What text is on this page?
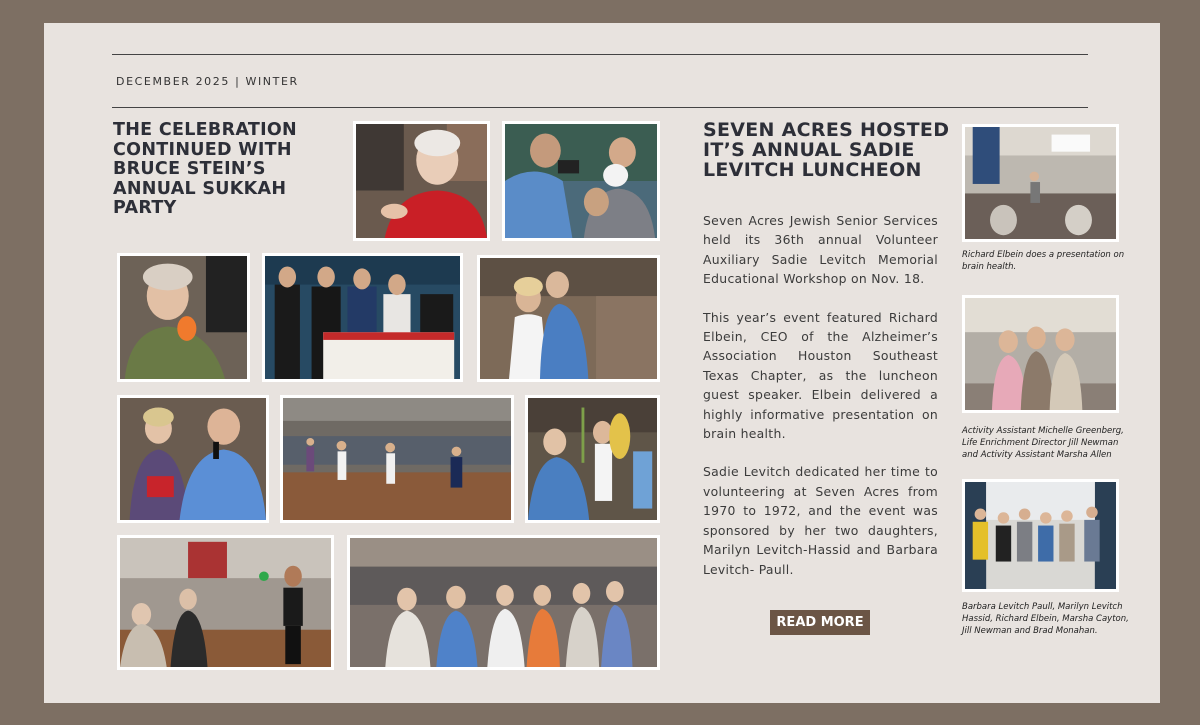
DECEMBER 2025 | WINTER
THE CELEBRATION CONTINUED WITH BRUCE STEIN’S ANNUAL SUKKAH PARTY
SEVEN ACRES HOSTED IT’S ANNUAL SADIE LEVITCH LUNCHEON

Seven Acres Jewish Senior Services held its 36th annual Volunteer Auxiliary Sadie Levitch Memorial Educational Workshop on Nov. 18.

This year’s event featured Richard Elbein, CEO of the Alzheimer’s Association Houston Southeast Texas Chapter, as the luncheon guest speaker. Elbein delivered a highly informative presentation on brain health.

Sadie Levitch dedicated her time to volunteering at Seven Acres from 1970 to 1972, and the event was sponsored by her two daughters, Marilyn Levitch-Hassid and Barbara Levitch- Paull.

READ MORE
Richard Elbein does a presentation on brain health.
Activity Assistant Michelle Greenberg, Life Enrichment Director Jill Newman and Activity Assistant Marsha Allen
Barbara Levitch Paull, Marilyn Levitch Hassid, Richard Elbein, Marsha Cayton, Jill Newman and Brad Monahan.
